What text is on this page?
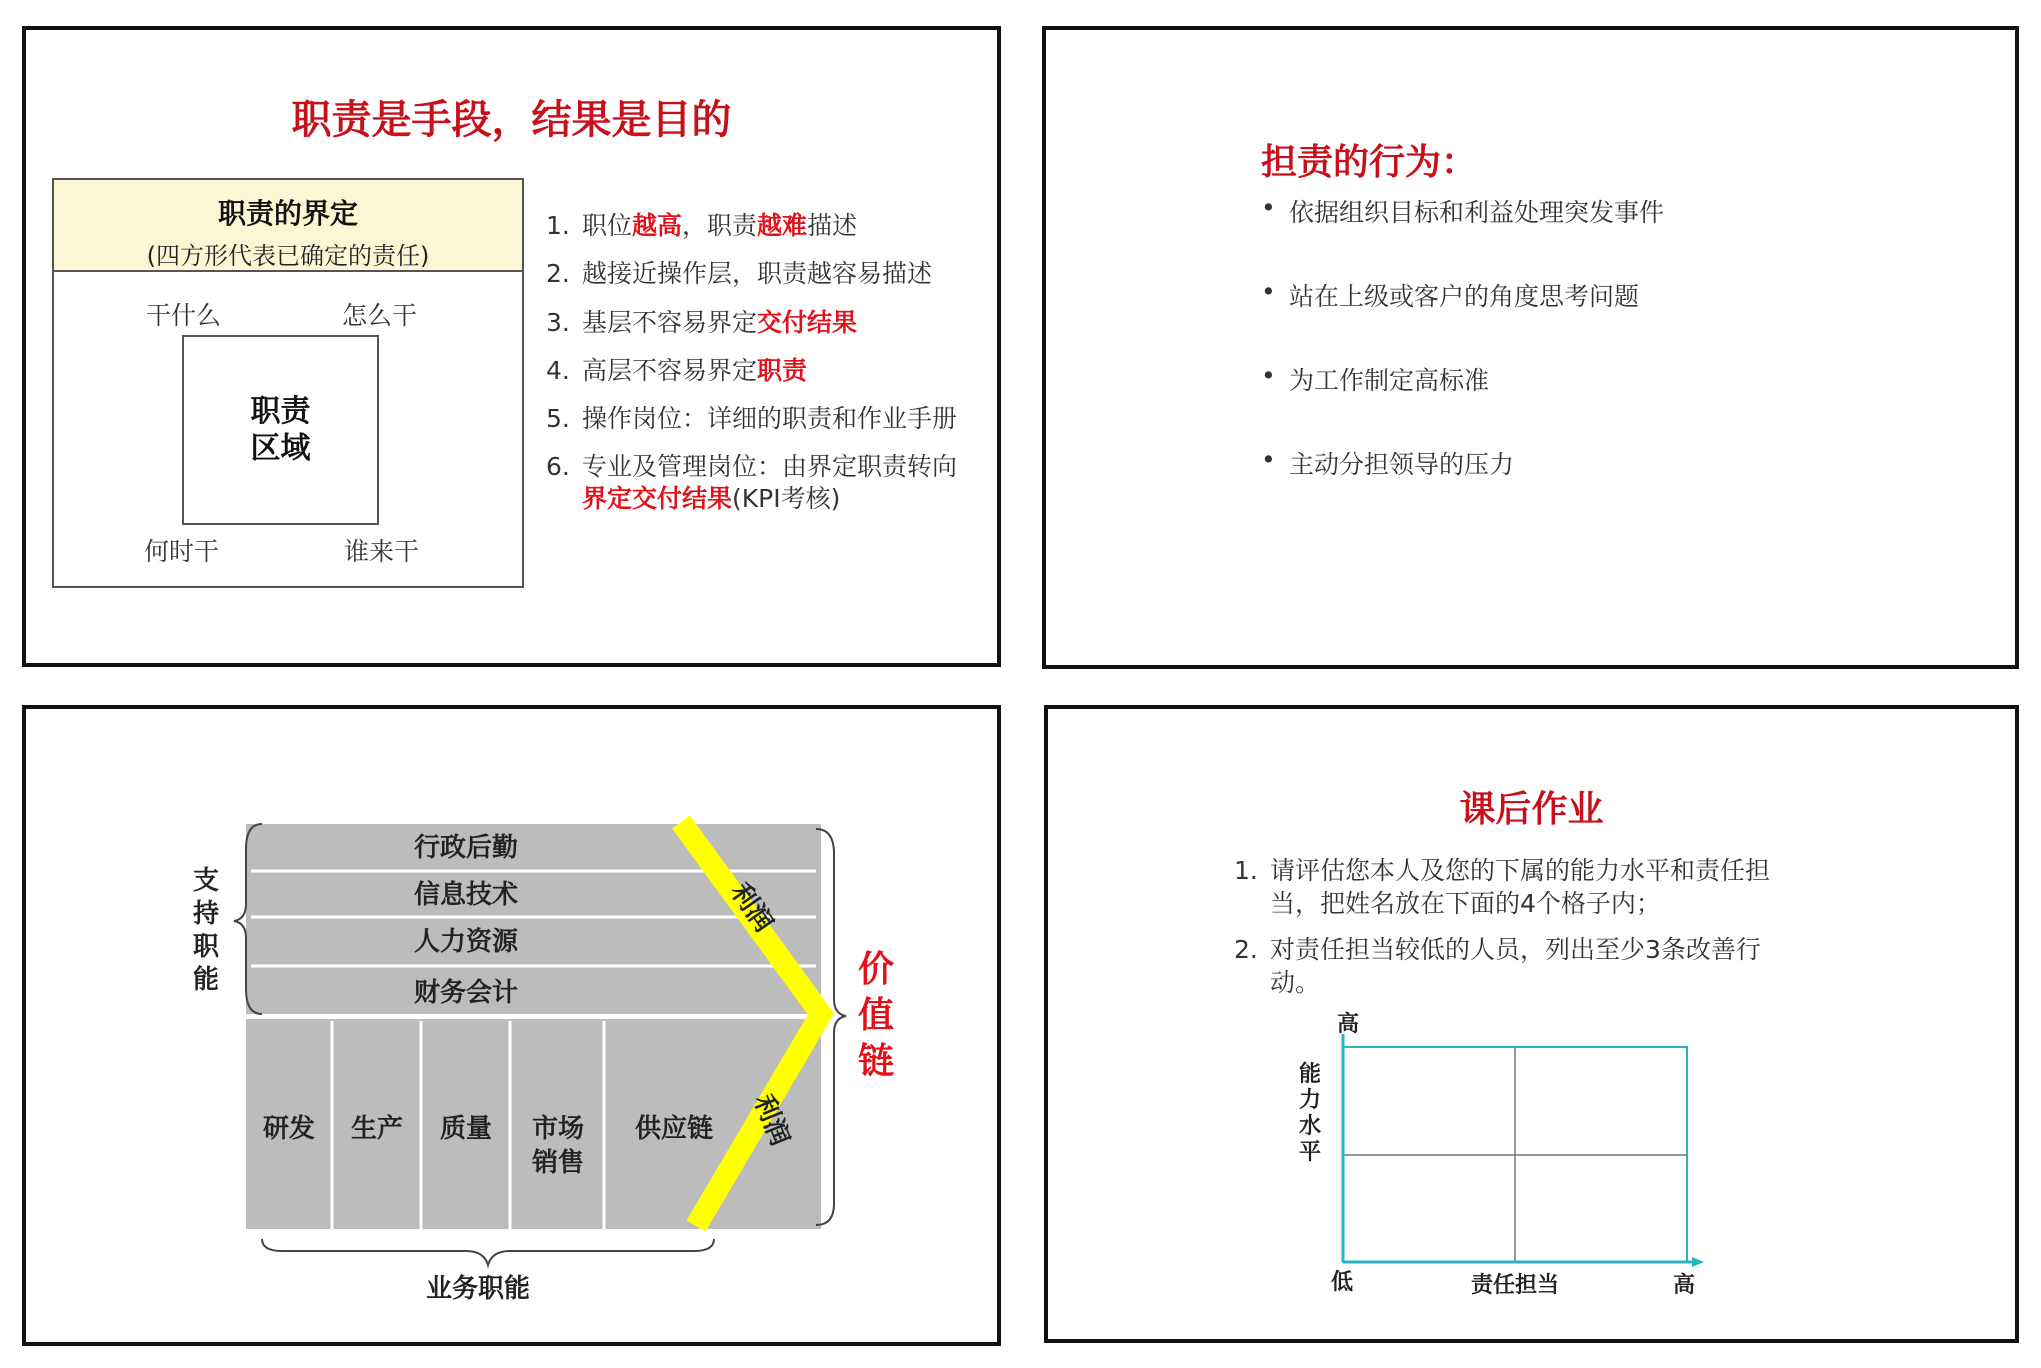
职责是手段，结果是目的
职责的界定
(四方形代表已确定的责任)
干什么	怎么干
职责
区域
何时干	谁来干
1. 职位越高，职责越难描述
2. 越接近操作层，职责越容易描述
3. 基层不容易界定交付结果
4. 高层不容易界定职责
5. 操作岗位：详细的职责和作业手册
6. 专业及管理岗位：由界定职责转向
界定交付结果(KPI考核)
担责的行为：
• 依据组织目标和利益处理突发事件
• 站在上级或客户的角度思考问题
• 为工作制定高标准
• 主动分担领导的压力
行政后勤
信息技术
人力资源
财务会计
研发 生产 质量 市场
销售
供应链
利润
利润
支
持
职
能	价
值
链
业务职能
课后作业
1. 请评估您本人及您的下属的能力水平和责任担当，把姓名放在下面的4个格子内；
2. 对责任担当较低的人员，列出至少3条改善行动。
高
低	责任担当	高
能力水平
